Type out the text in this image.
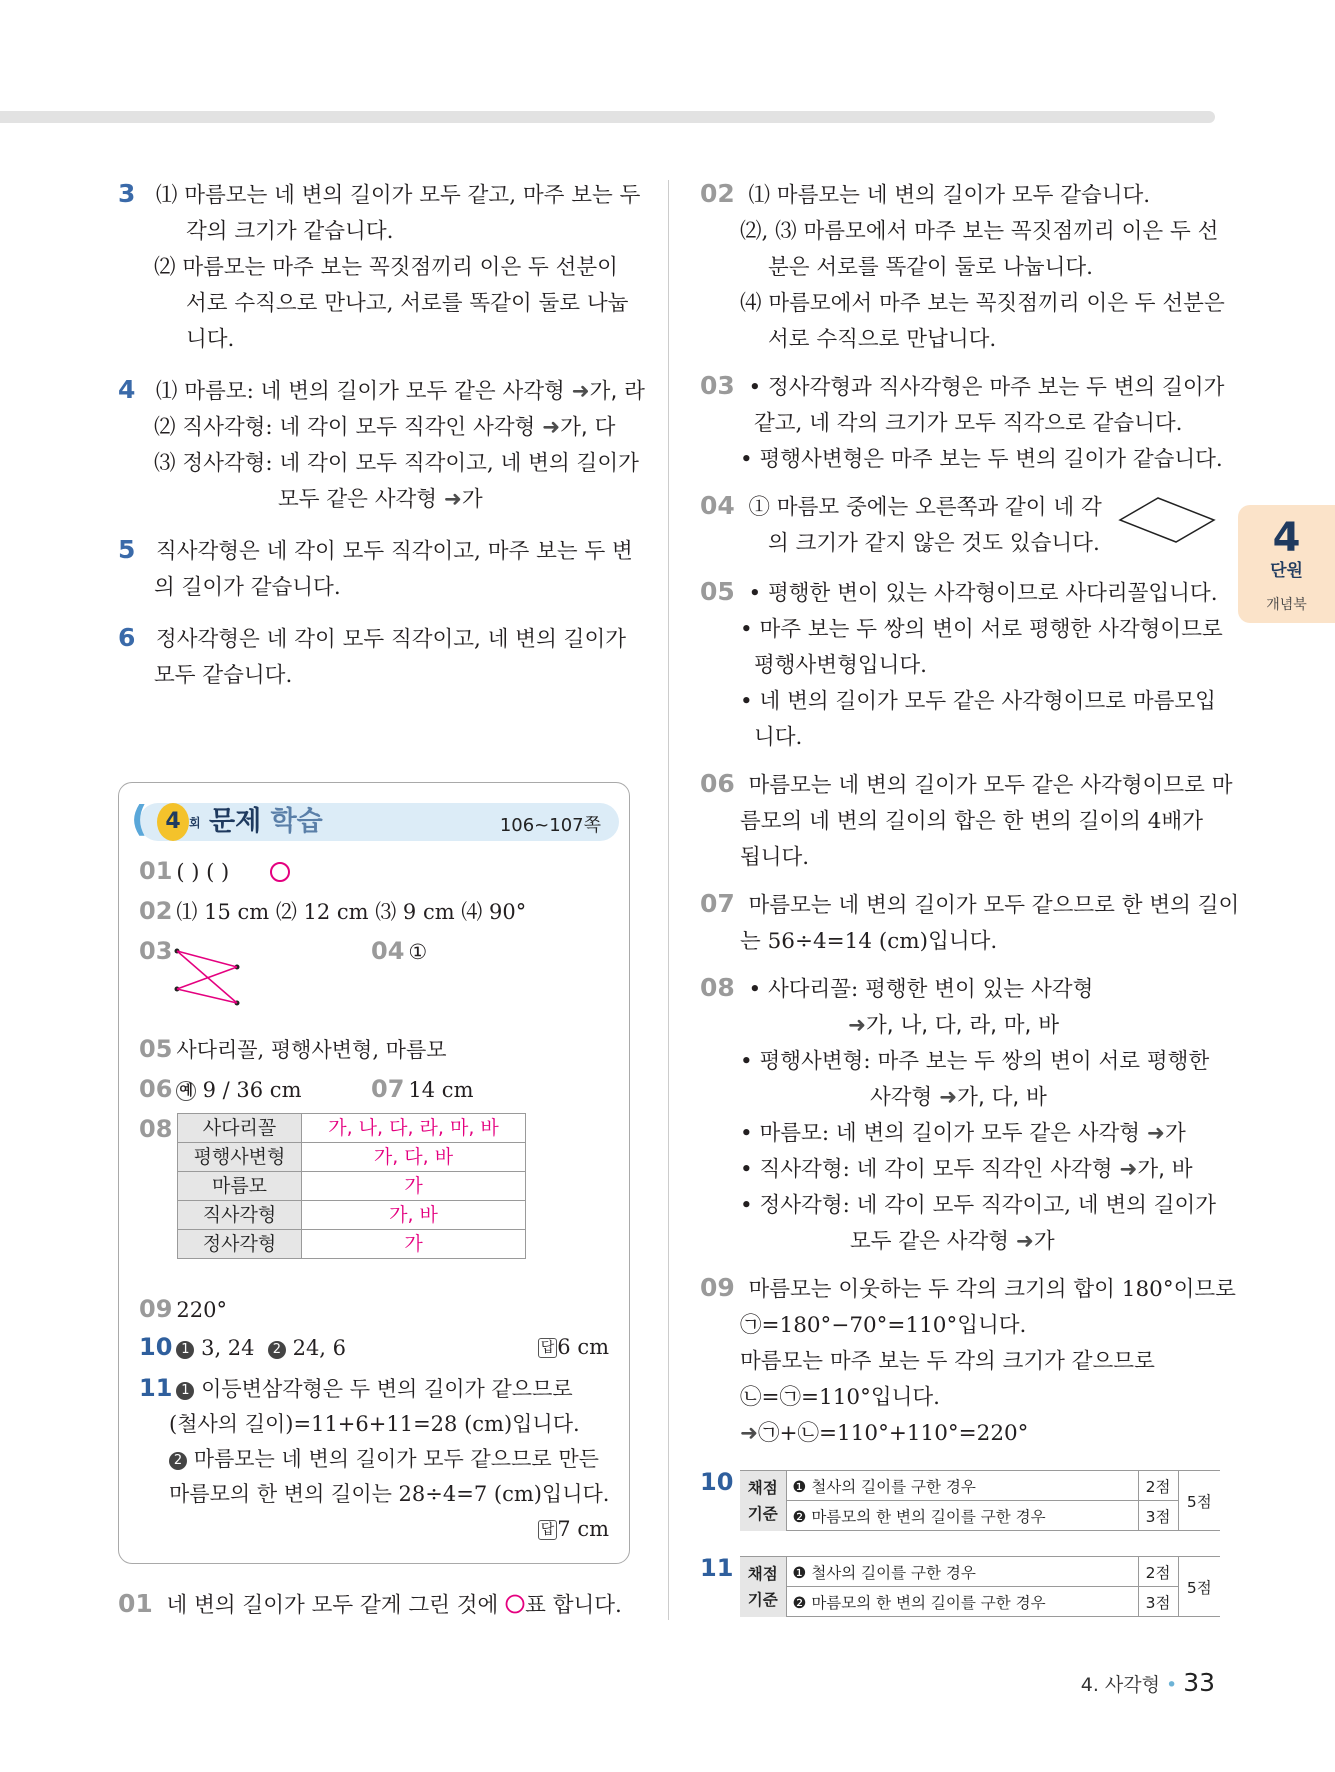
3 ⑴ 마름모는 네 변의 길이가 모두 같고, 마주 보는 두
각의 크기가 같습니다.
⑵ 마름모는 마주 보는 꼭짓점끼리 이은 두 선분이
서로 수직으로 만나고, 서로를 똑같이 둘로 나눕
니다.
4 ⑴ 마름모: 네 변의 길이가 모두 같은 사각형 ➜가, 라
⑵ 직사각형: 네 각이 모두 직각인 사각형 ➜가, 다
⑶ 정사각형: 네 각이 모두 직각이고, 네 변의 길이가
모두 같은 사각형 ➜가
5 직사각형은 네 각이 모두 직각이고, 마주 보는 두 변
의 길이가 같습니다.
6 정사각형은 네 각이 모두 직각이고, 네 변의 길이가
모두 같습니다.
( 4 회 문제 학습	106~107쪽
01 ( ) ( )
02 ⑴ 15 cm ⑵ 12 cm ⑶ 9 cm ⑷ 90°
03	04 ①
05 사다리꼴, 평행사변형, 마름모
06 예 9 / 36 cm	07 14 cm
08 사다리꼴	가, 나, 다, 라, 마, 바
평행사변형	가, 다, 바
마름모	가
직사각형	가, 바
정사각형	가
09 220°
10 1 3, 24 2 24, 6	답 6 cm
11 1 이등변삼각형은 두 변의 길이가 같으므로
(철사의 길이)=11+6+11=28 (cm)입니다.
2 마름모는 네 변의 길이가 모두 같으므로 만든
마름모의 한 변의 길이는 28÷4=7 (cm)입니다.
답 7 cm
01 네 변의 길이가 모두 같게 그린 것에 ○표 합니다.
02 ⑴ 마름모는 네 변의 길이가 모두 같습니다.
⑵, ⑶ 마름모에서 마주 보는 꼭짓점끼리 이은 두 선
분은 서로를 똑같이 둘로 나눕니다.
⑷ 마름모에서 마주 보는 꼭짓점끼리 이은 두 선분은
서로 수직으로 만납니다.
03 • 정사각형과 직사각형은 마주 보는 두 변의 길이가
같고, 네 각의 크기가 모두 직각으로 같습니다.
• 평행사변형은 마주 보는 두 변의 길이가 같습니다.
04 ① 마름모 중에는 오른쪽과 같이 네 각
의 크기가 같지 않은 것도 있습니다.
05 • 평행한 변이 있는 사각형이므로 사다리꼴입니다.
• 마주 보는 두 쌍의 변이 서로 평행한 사각형이므로
평행사변형입니다.
• 네 변의 길이가 모두 같은 사각형이므로 마름모입
니다.
06 마름모는 네 변의 길이가 모두 같은 사각형이므로 마
름모의 네 변의 길이의 합은 한 변의 길이의 4배가
됩니다.
07 마름모는 네 변의 길이가 모두 같으므로 한 변의 길이
는 56÷4=14 (cm)입니다.
08 • 사다리꼴: 평행한 변이 있는 사각형
➜가, 나, 다, 라, 마, 바
• 평행사변형: 마주 보는 두 쌍의 변이 서로 평행한
사각형 ➜가, 다, 바
• 마름모: 네 변의 길이가 모두 같은 사각형 ➜가
• 직사각형: 네 각이 모두 직각인 사각형 ➜가, 바
• 정사각형: 네 각이 모두 직각이고, 네 변의 길이가
모두 같은 사각형 ➜가
09 마름모는 이웃하는 두 각의 크기의 합이 180°이므로
㉠=180°−70°=110°입니다.
마름모는 마주 보는 두 각의 크기가 같으므로
㉡=㉠=110°입니다.
➜㉠+㉡=110°+110°=220°
10 채점
기준	❶ 철사의 길이를 구한 경우	2점	5점
	❷ 마름모의 한 변의 길이를 구한 경우	3점	
11 채점
기준	❶ 철사의 길이를 구한 경우	2점	5점
	❷ 마름모의 한 변의 길이를 구한 경우	3점	
4
단원
개념북
4. 사각형 • 33
